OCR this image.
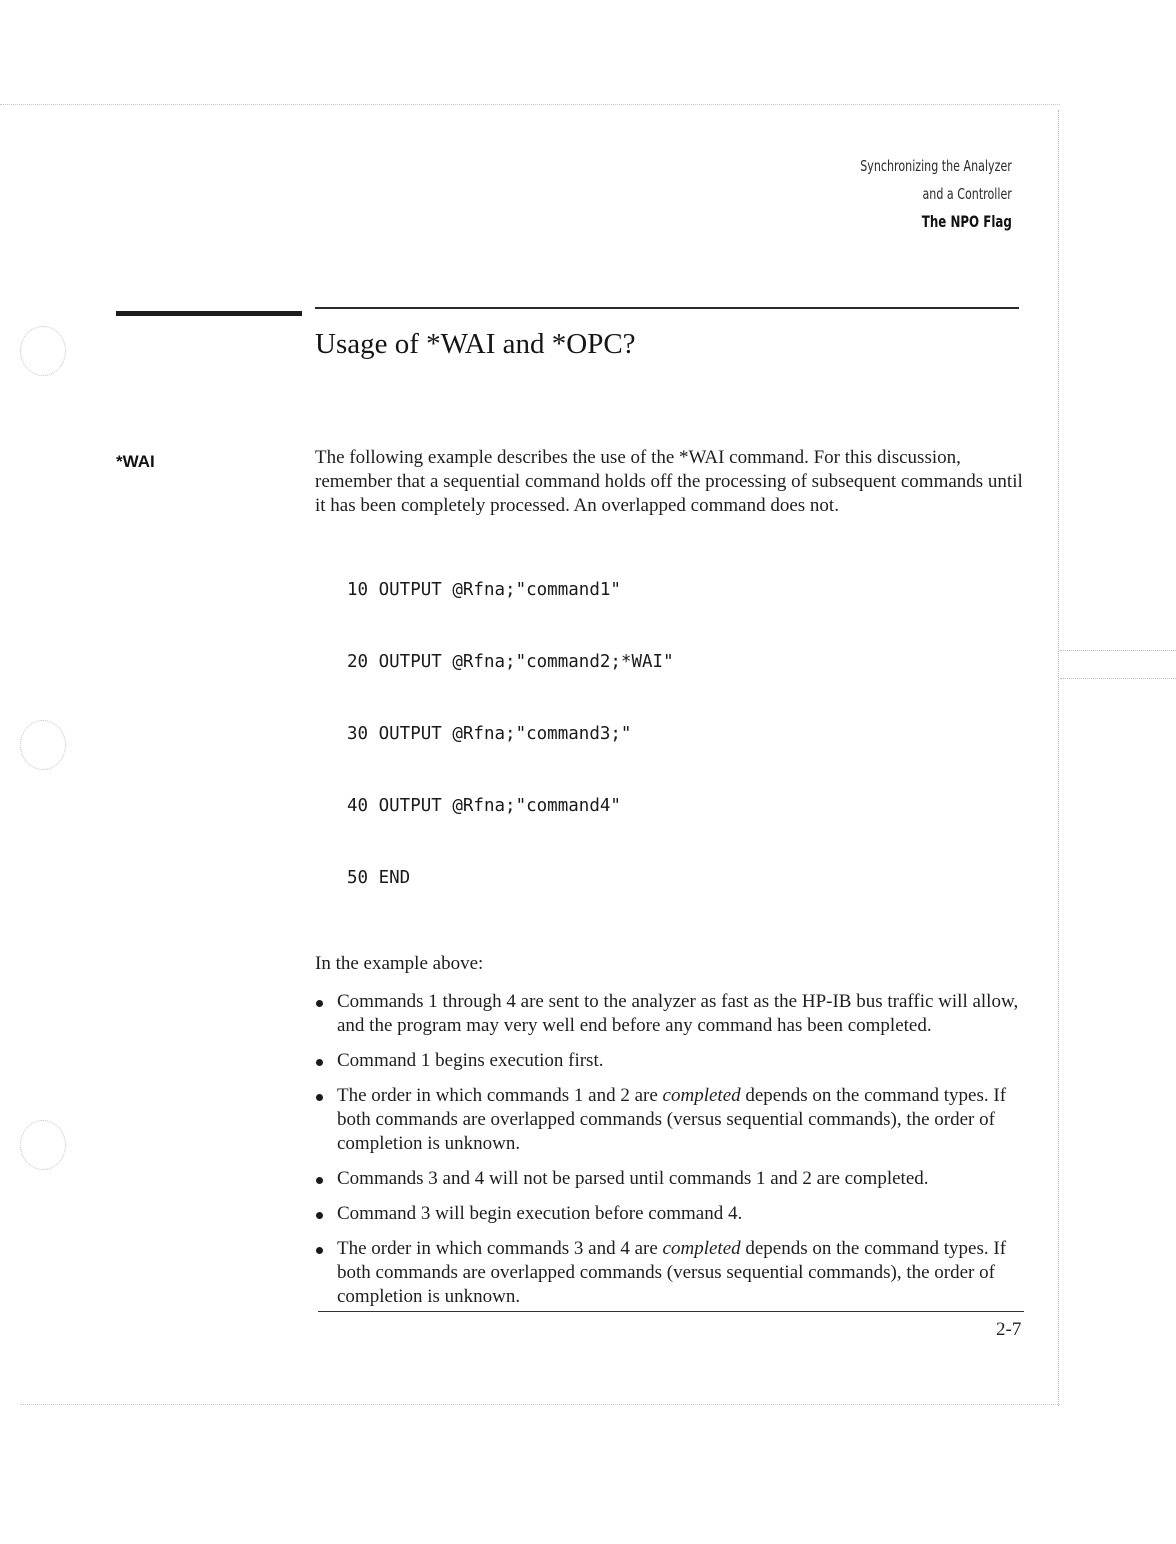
Synchronizing the Analyzer
and a Controller
The NPO Flag
Usage of *WAI and *OPC?
*WAI	The following example describes the use of the *WAI command. For this discussion, remember that a sequential command holds off the processing of subsequent commands until it has been completely processed. An overlapped command does not.

10 OUTPUT @Rfna;"command1"

20 OUTPUT @Rfna;"command2;*WAI"

30 OUTPUT @Rfna;"command3;"

40 OUTPUT @Rfna;"command4"

50 END

In the example above:

Commands 1 through 4 are sent to the analyzer as fast as the HP-IB bus traffic will allow, and the program may very well end before any command has been completed.
Command 1 begins execution first.
The order in which commands 1 and 2 are completed depends on the command types. If both commands are overlapped commands (versus sequential commands), the order of completion is unknown.
Commands 3 and 4 will not be parsed until commands 1 and 2 are completed.
Command 3 will begin execution before command 4.
The order in which commands 3 and 4 are completed depends on the command types. If both commands are overlapped commands (versus sequential commands), the order of completion is unknown.
2-7
